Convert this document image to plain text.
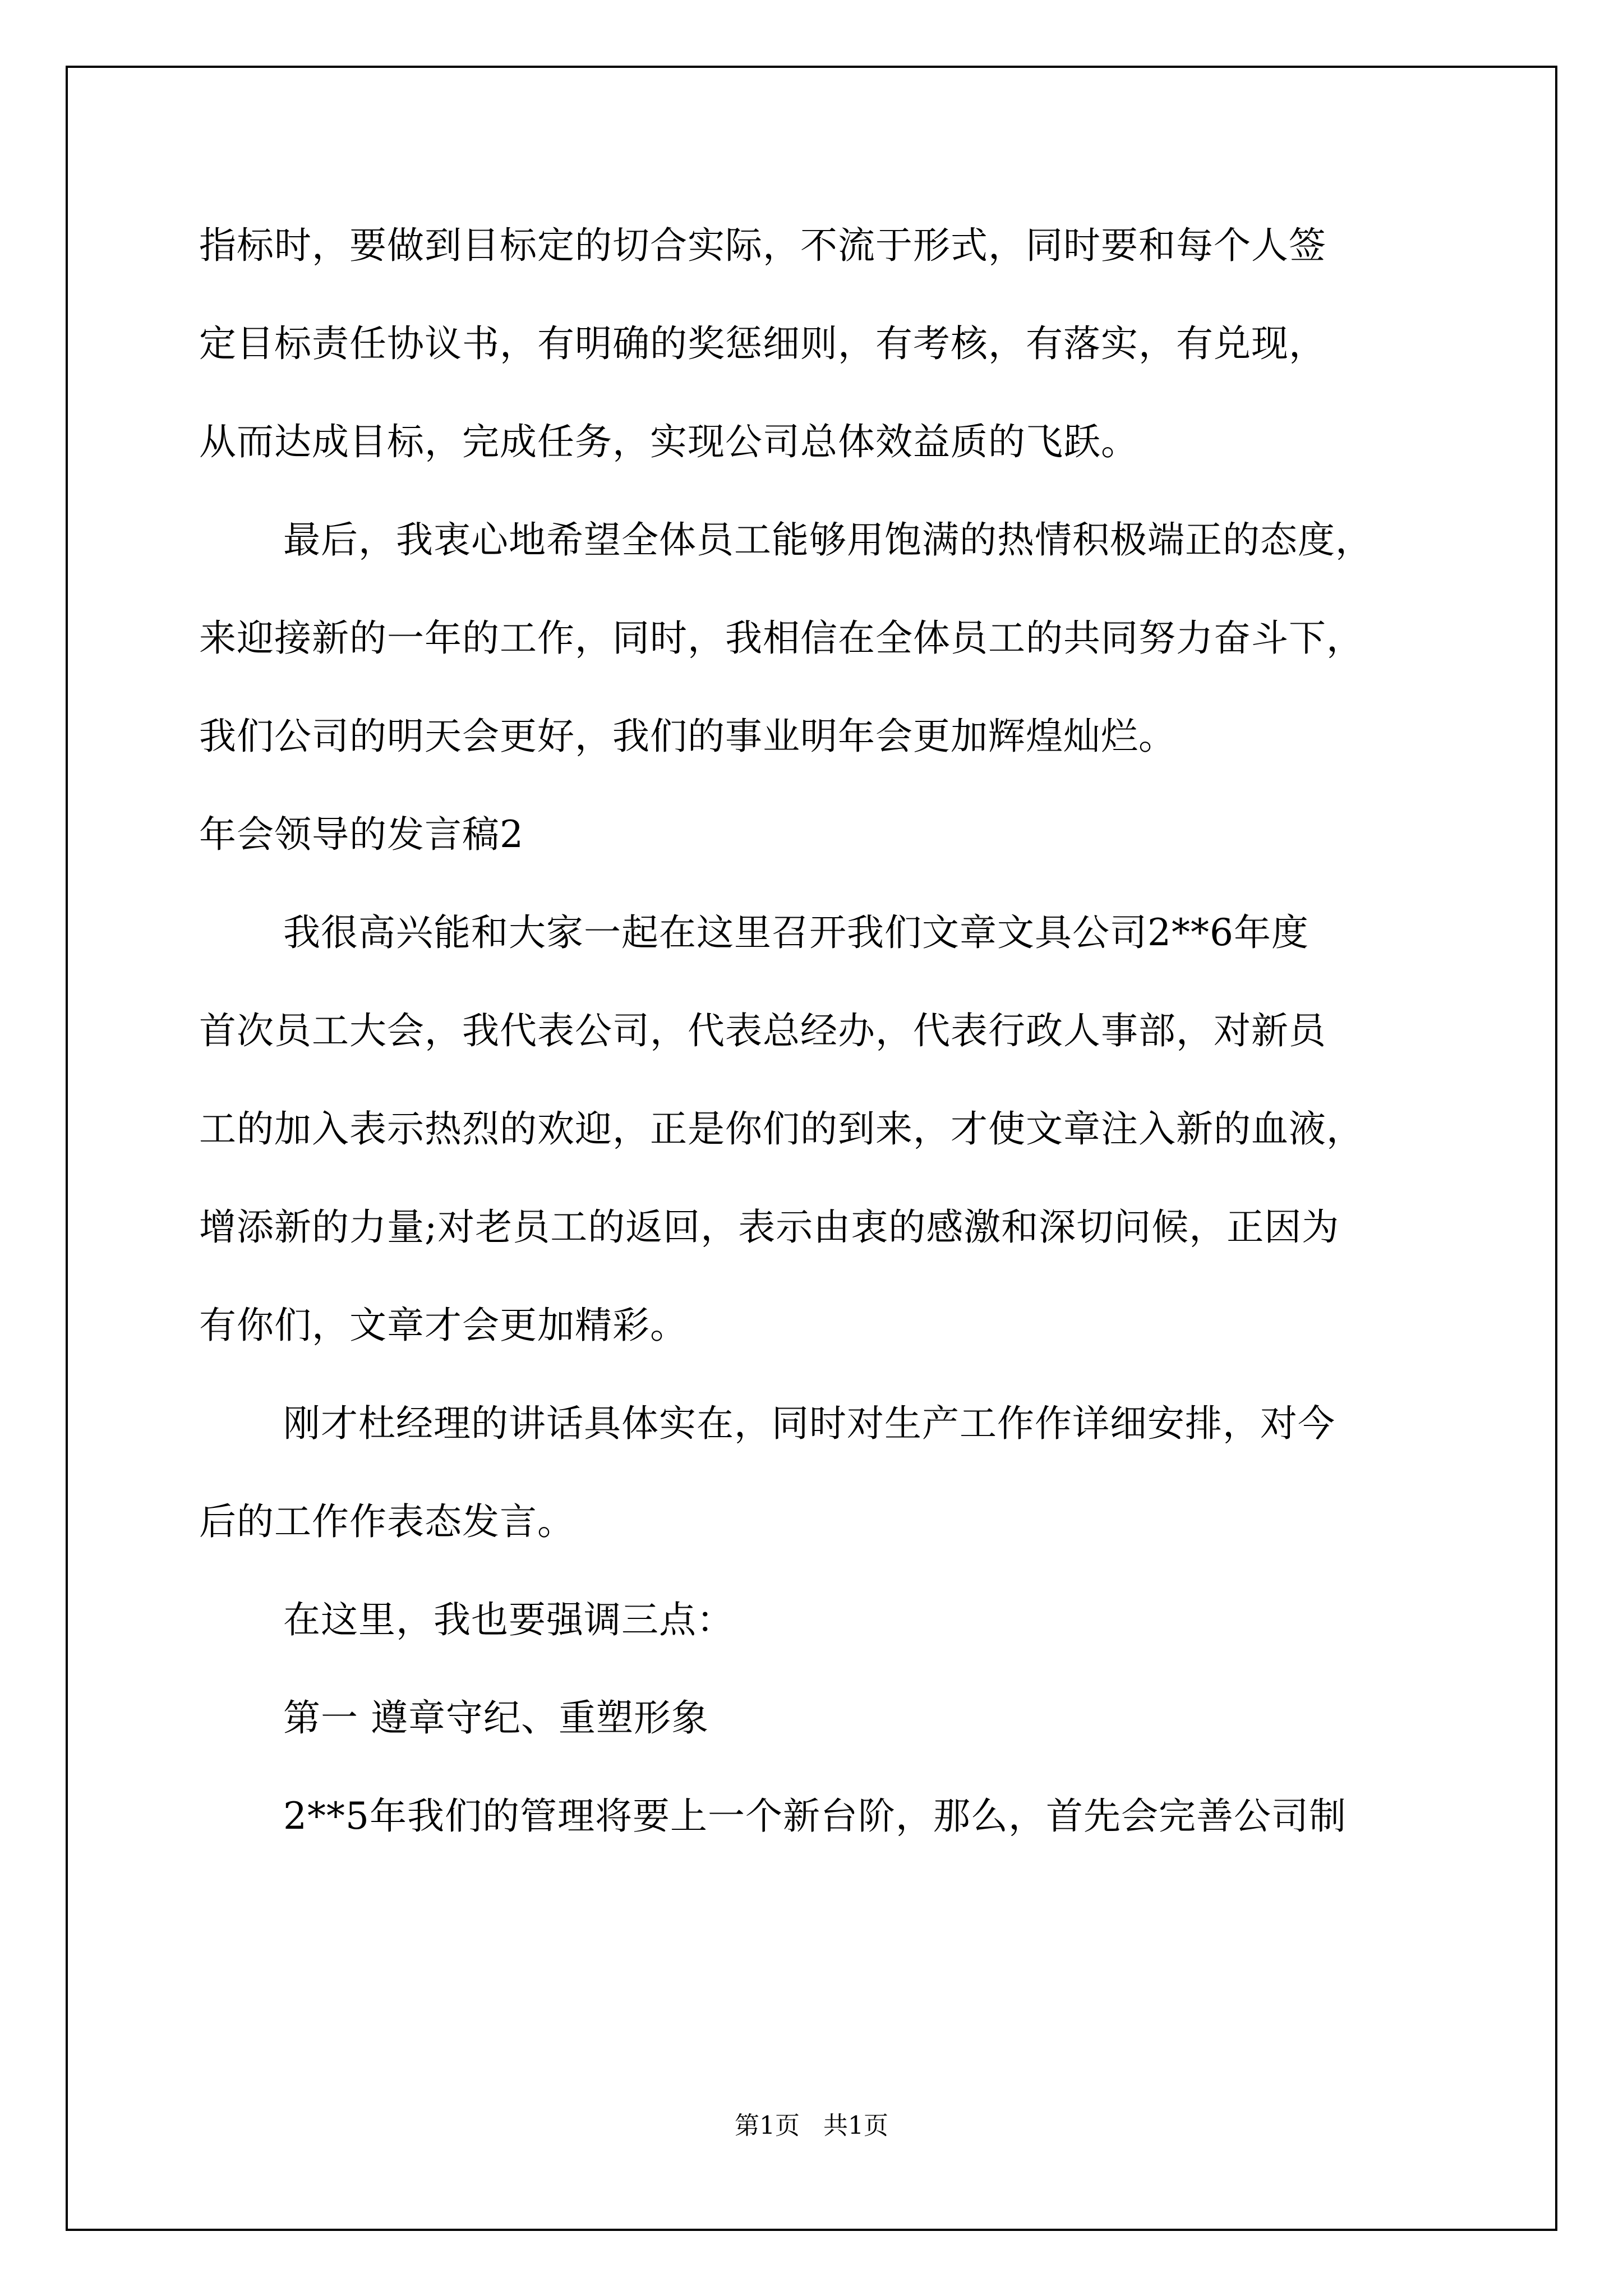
指标时，要做到目标定的切合实际，不流于形式，同时要和每个人签

定目标责任协议书，有明确的奖惩细则，有考核，有落实，有兑现，

从而达成目标，完成任务，实现公司总体效益质的飞跃。

最后，我衷心地希望全体员工能够用饱满的热情积极端正的态度，

来迎接新的一年的工作，同时，我相信在全体员工的共同努力奋斗下，

我们公司的明天会更好，我们的事业明年会更加辉煌灿烂。

年会领导的发言稿2

我很高兴能和大家一起在这里召开我们文章文具公司2**6年度

首次员工大会，我代表公司，代表总经办，代表行政人事部，对新员

工的加入表示热烈的欢迎，正是你们的到来，才使文章注入新的血液，

增添新的力量;对老员工的返回，表示由衷的感激和深切问候，正因为

有你们，文章才会更加精彩。

刚才杜经理的讲话具体实在，同时对生产工作作详细安排，对今

后的工作作表态发言。

在这里，我也要强调三点：

第一 遵章守纪、重塑形象

2**5年我们的管理将要上一个新台阶，那么，首先会完善公司制

第1页   共1页
